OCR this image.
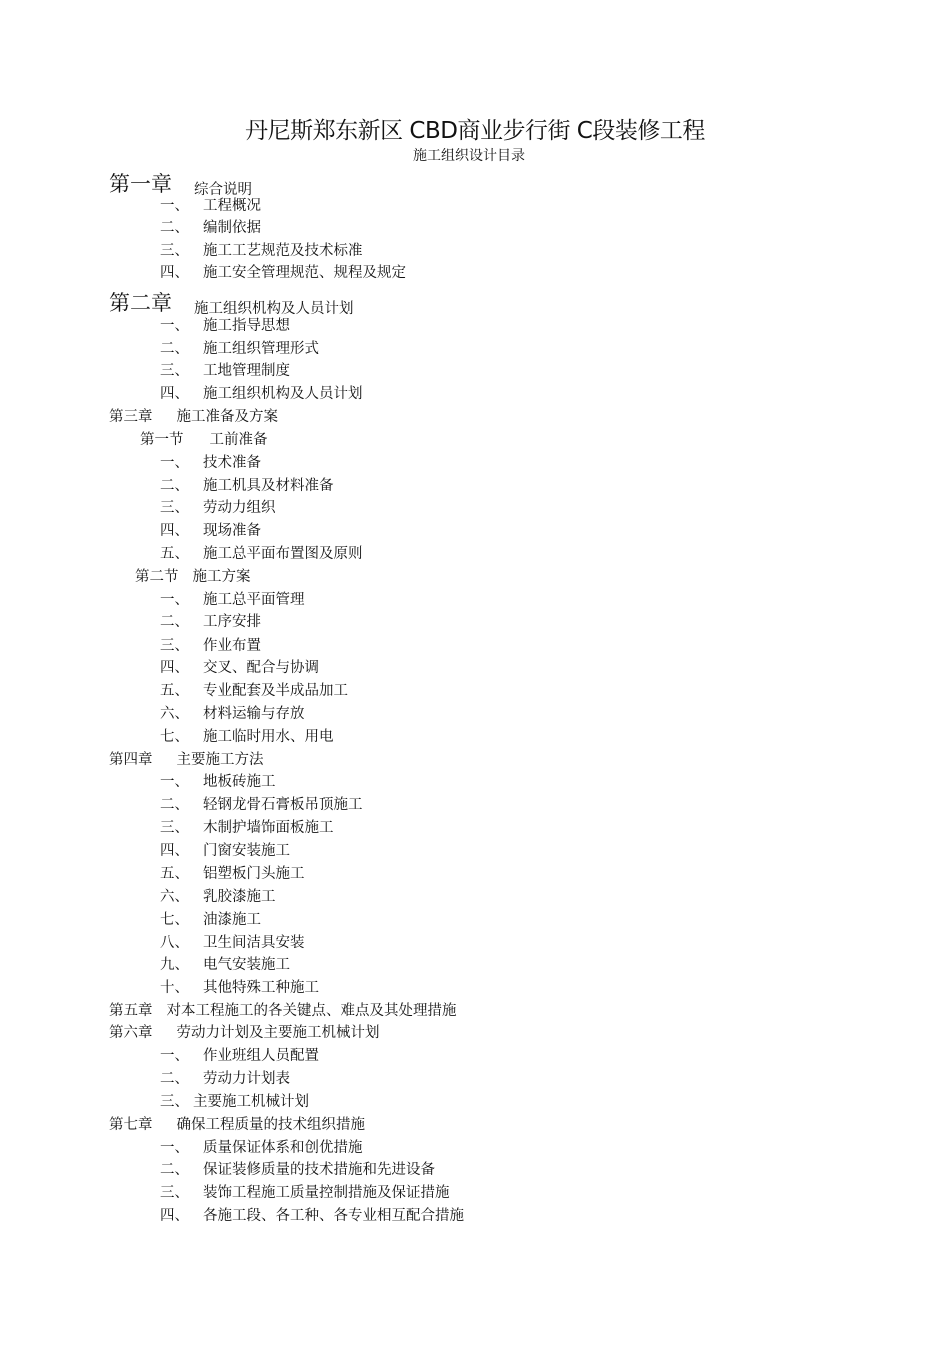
丹尼斯郑东新区 CBD商业步行街 C段装修工程
施工组织设计目录
第一章 综合说明
一、 工程概况
二、 编制依据
三、 施工工艺规范及技术标准
四、 施工安全管理规范、规程及规定
第二章 施工组织机构及人员计划
一、 施工指导思想
二、 施工组织管理形式
三、 工地管理制度
四、 施工组织机构及人员计划
第三章 施工准备及方案
第一节 工前准备
一、 技术准备
二、 施工机具及材料准备
三、 劳动力组织
四、 现场准备
五、 施工总平面布置图及原则
第二节 施工方案
一、 施工总平面管理
二、 工序安排
三、 作业布置
四、 交叉、配合与协调
五、 专业配套及半成品加工
六、 材料运输与存放
七、 施工临时用水、用电
第四章 主要施工方法
一、 地板砖施工
二、 轻钢龙骨石膏板吊顶施工
三、 木制护墙饰面板施工
四、 门窗安装施工
五、 铝塑板门头施工
六、 乳胶漆施工
七、 油漆施工
八、 卫生间洁具安装
九、 电气安装施工
十、 其他特殊工种施工
第五章 对本工程施工的各关键点、难点及其处理措施
第六章 劳动力计划及主要施工机械计划
一、 作业班组人员配置
二、 劳动力计划表
三、 主要施工机械计划
第七章 确保工程质量的技术组织措施
一、 质量保证体系和创优措施
二、 保证装修质量的技术措施和先进设备
三、 装饰工程施工质量控制措施及保证措施
四、 各施工段、各工种、各专业相互配合措施
